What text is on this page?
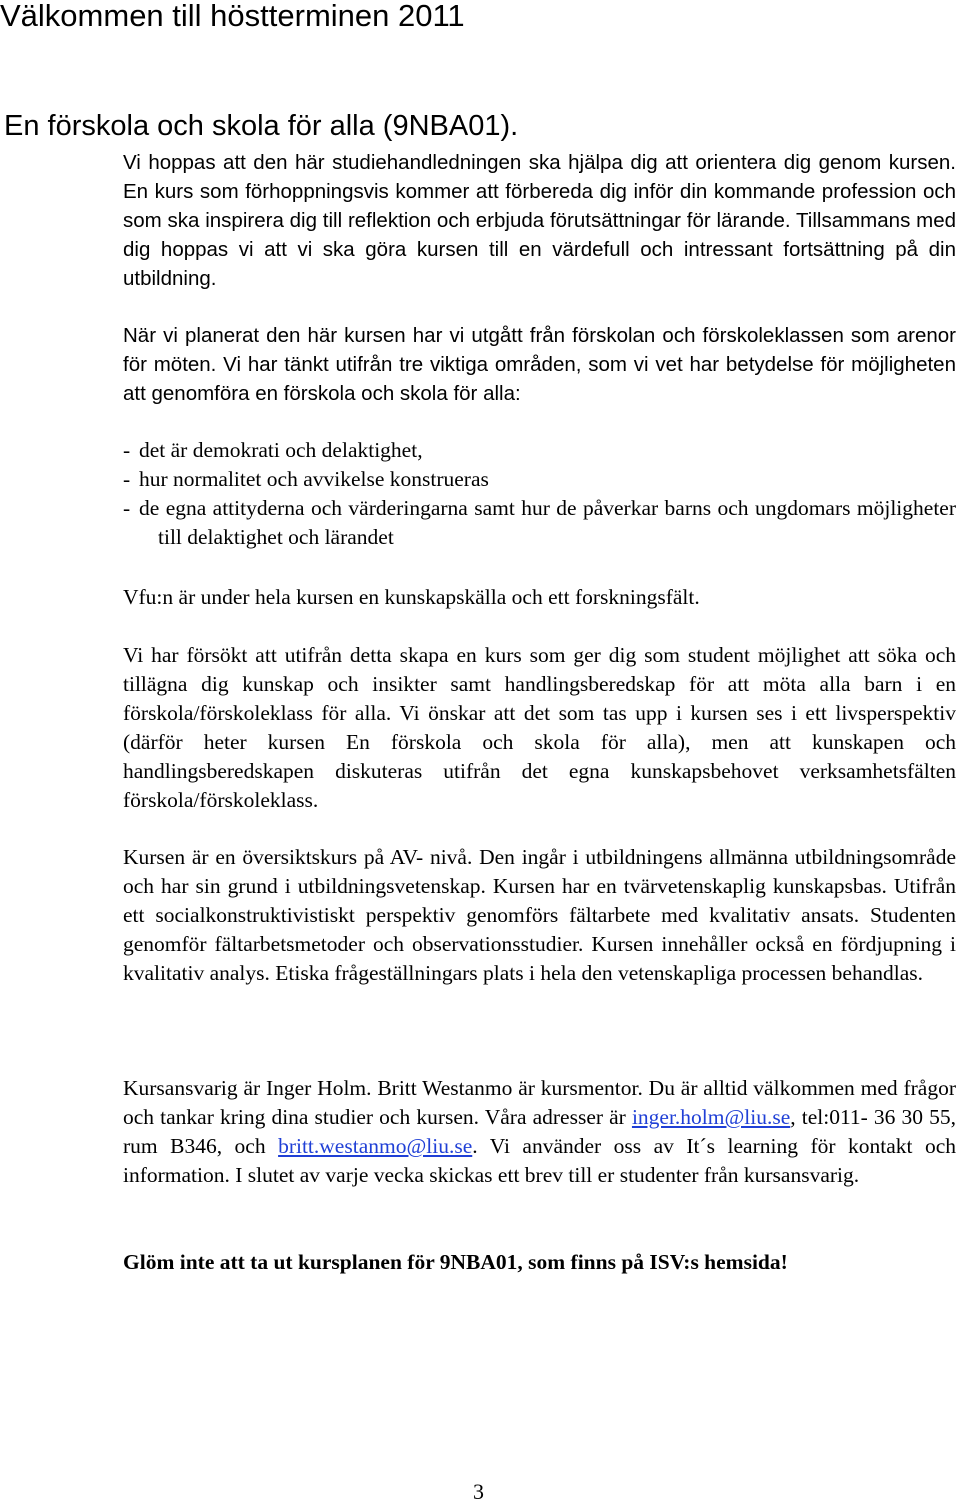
Välkommen till höstterminen 2011
En förskola och skola för alla (9NBA01).

Vi hoppas att den här studiehandledningen ska hjälpa dig att orientera dig genom kursen. En kurs som förhoppningsvis kommer att förbereda dig inför din kommande profession och som ska inspirera dig till reflektion och erbjuda förutsättningar för lärande. Tillsammans med dig hoppas vi att vi ska göra kursen till en värdefull och intressant fortsättning på din utbildning.

När vi planerat den här kursen har vi utgått från förskolan och förskoleklassen som arenor för möten. Vi har tänkt utifrån tre viktiga områden, som vi vet har betydelse för möjligheten att genomföra en förskola och skola för alla:

- det är demokrati och delaktighet,
- hur normalitet och avvikelse konstrueras
- de egna attityderna och värderingarna samt hur de påverkar barns och ungdomars möjligheter till delaktighet och lärandet

Vfu:n är under hela kursen en kunskapskälla och ett forskningsfält.

Vi har försökt att utifrån detta skapa en kurs som ger dig som student möjlighet att söka och tillägna dig kunskap och insikter samt handlingsberedskap för att möta alla barn i en förskola/förskoleklass för alla. Vi önskar att det som tas upp i kursen ses i ett livsperspektiv (därför heter kursen En förskola och skola för alla), men att kunskapen och handlingsberedskapen diskuteras utifrån det egna kunskapsbehovet verksamhetsfälten förskola/förskoleklass.

Kursen är en översiktskurs på AV- nivå. Den ingår i utbildningens allmänna utbildningsområde och har sin grund i utbildningsvetenskap. Kursen har en tvärvetenskaplig kunskapsbas. Utifrån ett socialkonstruktivistiskt perspektiv genomförs fältarbete med kvalitativ ansats. Studenten genomför fältarbetsmetoder och observationsstudier. Kursen innehåller också en fördjupning i kvalitativ analys. Etiska frågeställningars plats i hela den vetenskapliga processen behandlas.

Kursansvarig är Inger Holm. Britt Westanmo är kursmentor. Du är alltid välkommen med frågor och tankar kring dina studier och kursen. Våra adresser är inger.holm@liu.se, tel:011- 36 30 55, rum B346, och britt.westanmo@liu.se. Vi använder oss av It´s learning för kontakt och information. I slutet av varje vecka skickas ett brev till er studenter från kursansvarig.

Glöm inte att ta ut kursplanen för 9NBA01, som finns på ISV:s hemsida!

3
